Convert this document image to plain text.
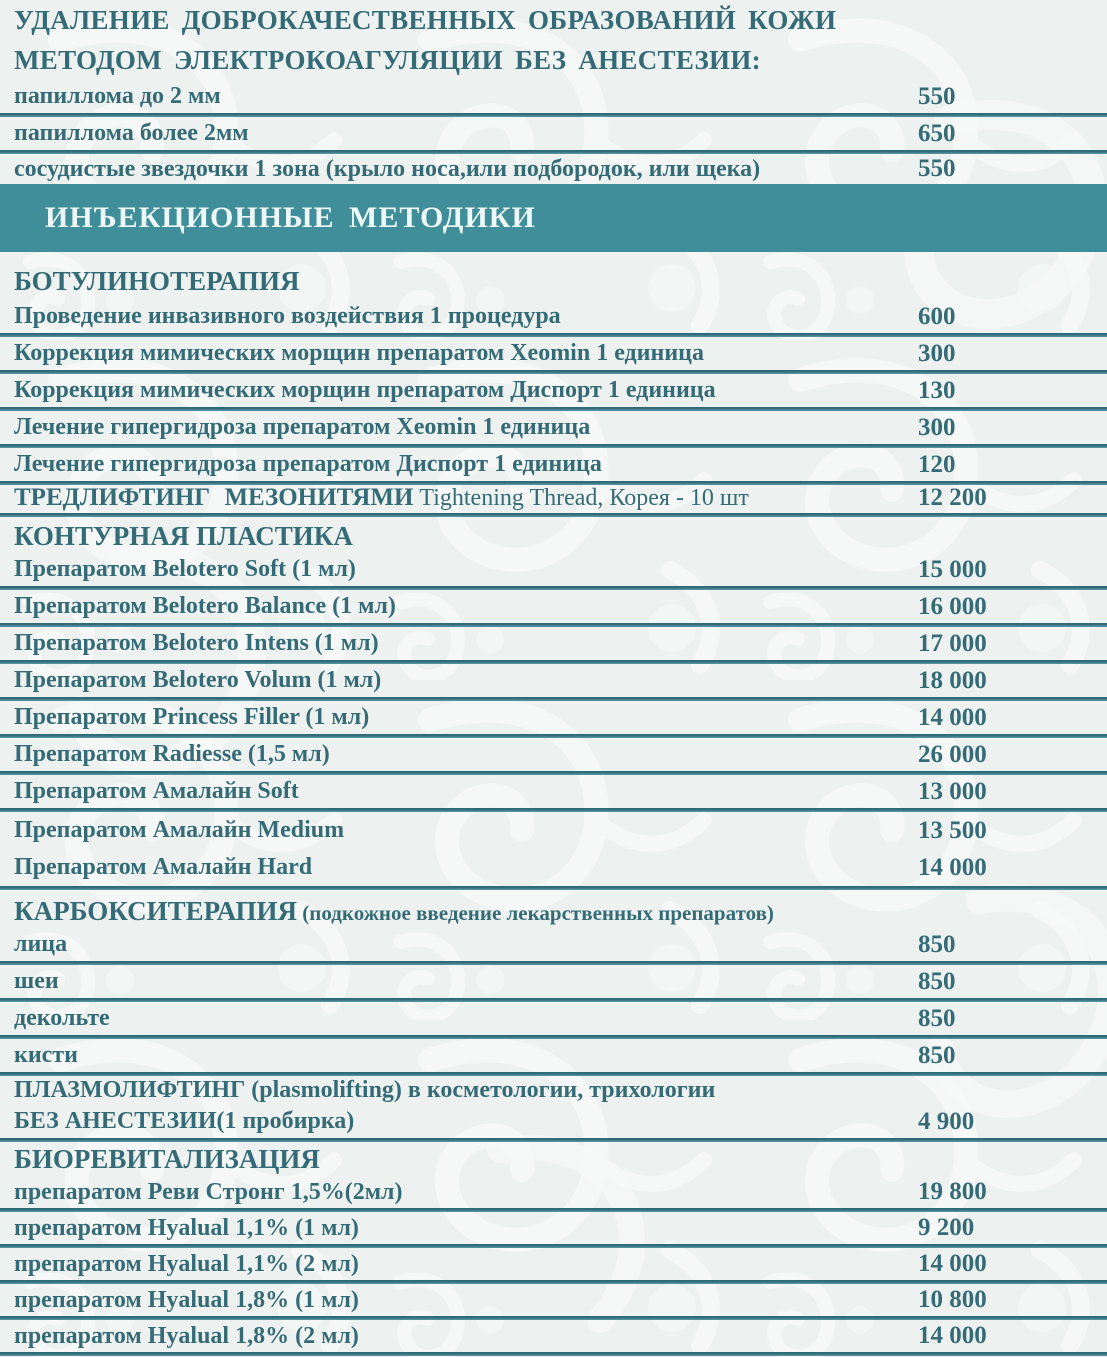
УДАЛЕНИЕ ДОБРОКАЧЕСТВЕННЫХ ОБРАЗОВАНИЙ КОЖИ
МЕТОДОМ ЭЛЕКТРОКОАГУЛЯЦИИ БЕЗ АНЕСТЕЗИИ:
папиллома до 2 мм	550
папиллома более 2мм	650
сосудистые звездочки 1 зона (крыло носа,или подбородок, или щека)	550
ИНЪЕКЦИОННЫЕ МЕТОДИКИ
БОТУЛИНОТЕРАПИЯ
Проведение инвазивного воздействия 1 процедура	600
Коррекция мимических морщин препаратом Xeomin 1 единица	300
Коррекция мимических морщин препаратом Диспорт 1 единица	130
Лечение гипергидроза препаратом Xeomin 1 единица	300
Лечение гипергидроза препаратом Диспорт 1 единица	120
ТРЕДЛИФТИНГ МЕЗОНИТЯМИ Tightening Thread, Корея - 10 шт	12 200
КОНТУРНАЯ ПЛАСТИКА
Препаратом Belotero Soft (1 мл)	15 000
Препаратом Belotero Balance (1 мл)	16 000
Препаратом Belotero Intens (1 мл)	17 000
Препаратом Belotero Volum (1 мл)	18 000
Препаратом Princess Filler (1 мл)	14 000
Препаратом Radiesse (1,5 мл)	26 000
Препаратом Амалайн Soft	13 000
Препаратом Амалайн Medium	13 500
Препаратом Амалайн Hard	14 000
КАРБОКСИТЕРАПИЯ (подкожное введение лекарственных препаратов)
лица	850
шеи	850
декольте	850
кисти	850
ПЛАЗМОЛИФТИНГ (plasmolifting) в косметологии, трихологии
БЕЗ АНЕСТЕЗИИ(1 пробирка)	4 900
БИОРЕВИТАЛИЗАЦИЯ
препаратом Реви Стронг 1,5%(2мл)	19 800
препаратом Hyalual 1,1% (1 мл)	9 200
препаратом Hyalual 1,1% (2 мл)	14 000
препаратом Hyalual 1,8% (1 мл)	10 800
препаратом Hyalual 1,8% (2 мл)	14 000
